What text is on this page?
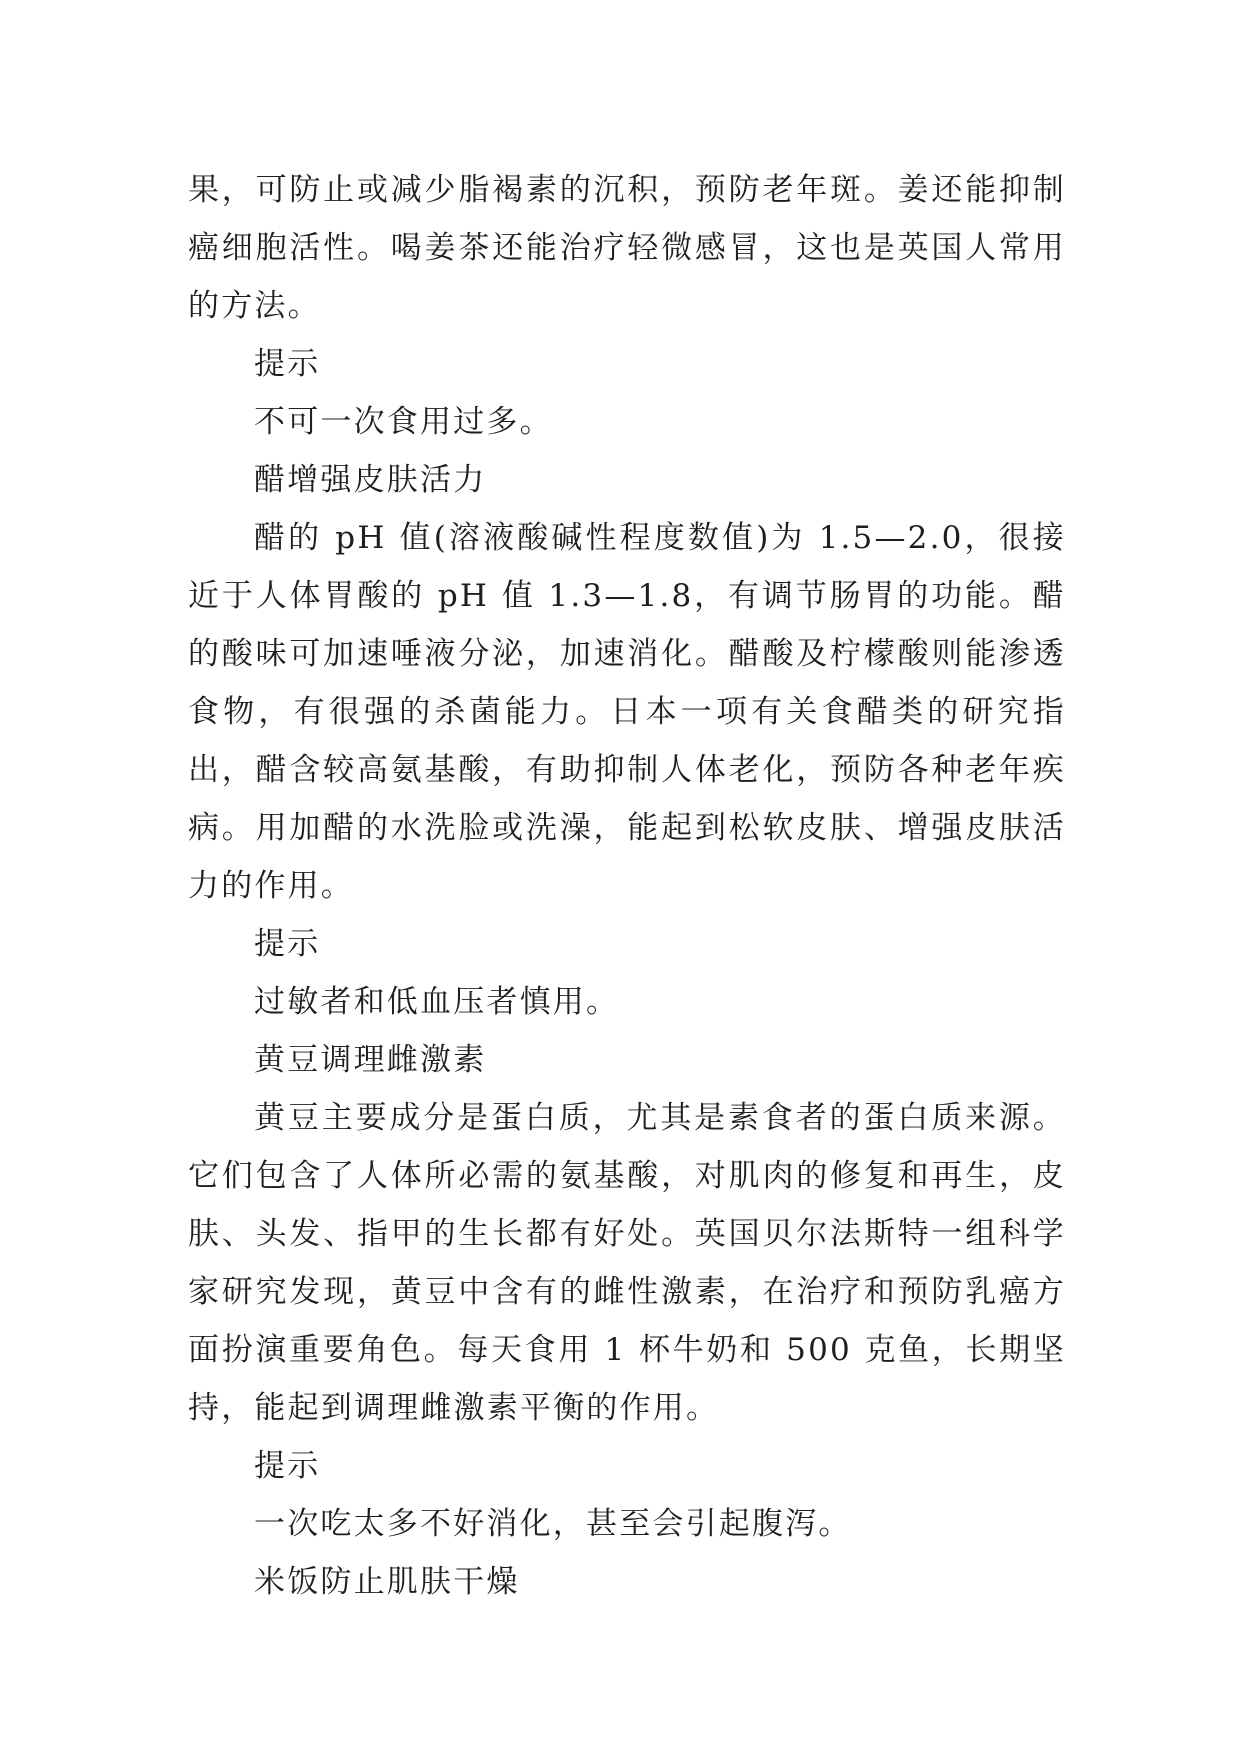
果，可防止或减少脂褐素的沉积，预防老年斑。姜还能抑制癌细胞活性。喝姜茶还能治疗轻微感冒，这也是英国人常用的方法。

提示

不可一次食用过多。

醋增强皮肤活力

醋的 pH 值(溶液酸碱性程度数值)为 1.5—2.0，很接近于人体胃酸的 pH 值 1.3—1.8，有调节肠胃的功能。醋的酸味可加速唾液分泌，加速消化。醋酸及柠檬酸则能渗透食物，有很强的杀菌能力。日本一项有关食醋类的研究指出，醋含较高氨基酸，有助抑制人体老化，预防各种老年疾病。用加醋的水洗脸或洗澡，能起到松软皮肤、增强皮肤活力的作用。

提示

过敏者和低血压者慎用。

黄豆调理雌激素

黄豆主要成分是蛋白质，尤其是素食者的蛋白质来源。它们包含了人体所必需的氨基酸，对肌肉的修复和再生，皮肤、头发、指甲的生长都有好处。英国贝尔法斯特一组科学家研究发现，黄豆中含有的雌性激素，在治疗和预防乳癌方面扮演重要角色。每天食用 1 杯牛奶和 500 克鱼，长期坚持，能起到调理雌激素平衡的作用。

提示

一次吃太多不好消化，甚至会引起腹泻。

米饭防止肌肤干燥
